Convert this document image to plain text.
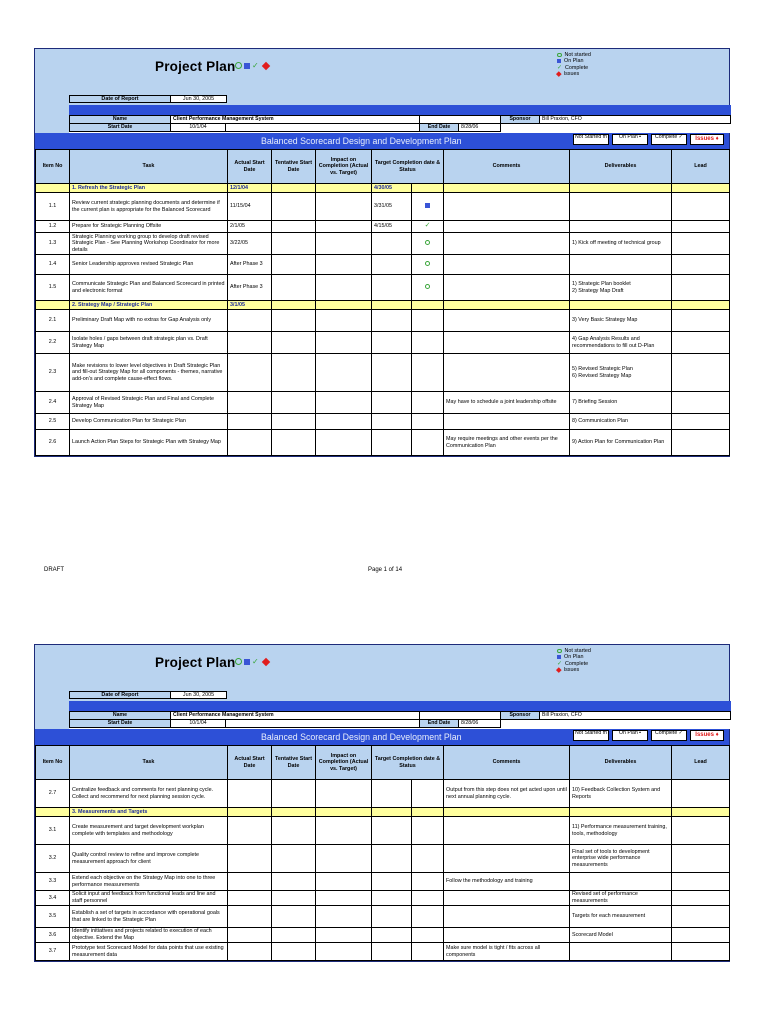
Project Plan ✓
Not started
On Plan
✓ Complete
Issues
Date of Report	Jun 30, 2005
Name	Client Performance Management System	Sponsor	Bill Praxion, CFO
Start Date	10/1/04	End Date	8/28/06
Balanced Scorecard Design and Development Plan	Not Started m	On Plan ▪	Complete ✓	Issues ♦
Item No	Task	Actual Start Date	Tentative Start Date	Impact on Completion (Actual vs. Target)	Target Completion date & Status		Comments	Deliverables	Lead
	1. Refresh the Strategic Plan	12/1/04			4/30/05				
1.1	Review current strategic planning documents and determine if the current plan is appropriate for the Balanced Scorecard	11/15/04			3/31/05				
1.2	Prepare for Strategic Planning Offsite	2/1/05			4/15/05	✓			
1.3	Strategic Planning working group to develop draft revised Strategic Plan - See Planning Workshop Coordinator for more details	3/22/05						1) Kick off meeting of technical group	
1.4	Senior Leadership approves revised Strategic Plan	After Phase 3							
1.5	Communicate Strategic Plan and Balanced Scorecard in printed and electronic format	After Phase 3						1) Strategic Plan booklet
2) Strategy Map Draft	
	2. Strategy Map / Strategic Plan	3/1/05							
2.1	Preliminary Draft Map with no extras for Gap Analysis only							3) Very Basic Strategy Map	
2.2	Isolate holes / gaps between draft strategic plan vs. Draft Strategy Map							4) Gap Analysis Results and recommendations to fill out D-Plan	
2.3	Make revisions to lower level objectives in Draft Strategic Plan and fill-out Strategy Map for all components - themes, narrative add-on's and complete cause-effect flows.							5) Revised Strategic Plan
6) Revised Strategy Map	
2.4	Approval of Revised Strategic Plan and Final and Complete Strategy Map						May have to schedule a joint leadership offsite	7) Briefing Session	
2.5	Develop Communication Plan for Strategic Plan							8) Communication Plan	
2.6	Launch Action Plan Steps for Strategic Plan with Strategy Map						May require meetings and other events per the Communication Plan	9) Action Plan for Communication Plan	
DRAFT	Page 1 of 14
Project Plan ✓
Not started
On Plan
✓ Complete
Issues
Date of Report	Jun 30, 2005
Name	Client Performance Management System	Sponsor	Bill Praxion, CFO
Start Date	10/1/04	End Date	8/28/06
Balanced Scorecard Design and Development Plan	Not Started m	On Plan ▪	Complete ✓	Issues ♦
Item No	Task	Actual Start Date	Tentative Start Date	Impact on Completion (Actual vs. Target)	Target Completion date & Status		Comments	Deliverables	Lead
2.7	Centralize feedback and comments for next planning cycle. Collect and recommend for next planning session cycle.						Output from this step does not get acted upon until next annual planning cycle.	10) Feedback Collection System and Reports	
	3. Measurements and Targets								
3.1	Create measurement and target development workplan complete with templates and methodology							11) Performance measurement training, tools, methodology	
3.2	Quality control review to refine and improve complete measurement approach for client							Final set of tools to development enterprise wide performance measurements	
3.3	Extend each objective on the Strategy Map into one to three performance measurements						Follow the methodology and training		
3.4	Solicit input and feedback from functional leads and line and staff personnel							Revised set of performance measurements	
3.5	Establish a set of targets in accordance with operational goals that are linked to the Strategic Plan							Targets for each measurement	
3.6	Identify initiatives and projects related to execution of each objective. Extend the Map							Scorecard Model	
3.7	Prototype test Scorecard Model for data points that use existing measurement data						Make sure model is tight / fits across all components		
